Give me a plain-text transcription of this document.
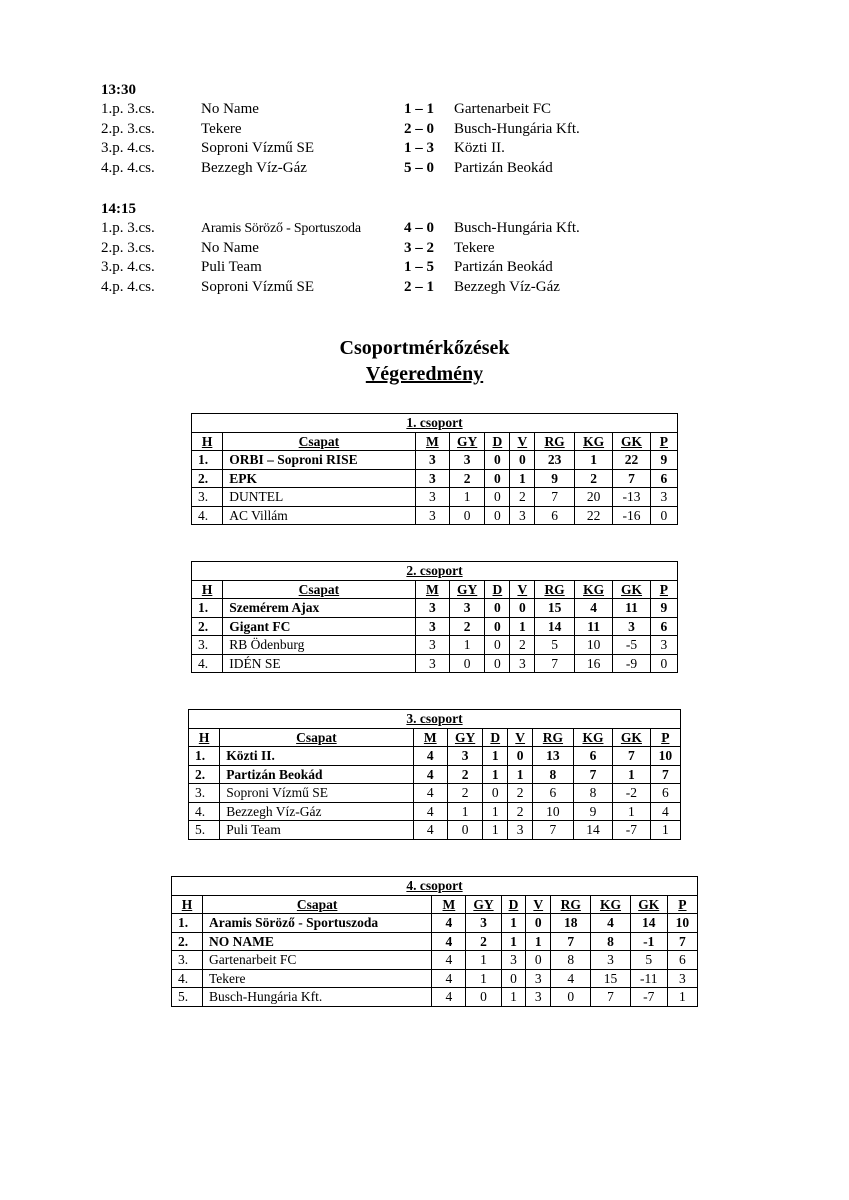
13:30
1.p. 3.cs.	No Name	1 – 1 Gartenarbeit FC
2.p. 3.cs.	Tekere	2 – 0 Busch-Hungária Kft.
3.p. 4.cs.	Soproni Vízmű SE	1 – 3 Közti II.
4.p. 4.cs.	Bezzegh Víz-Gáz	5 – 0 Partizán Beokád
14:15
1.p. 3.cs.	Aramis Söröző - Sportuszoda	4 – 0 Busch-Hungária Kft.
2.p. 3.cs.	No Name	3 – 2 Tekere
3.p. 4.cs.	Puli Team	1 – 5 Partizán Beokád
4.p. 4.cs.	Soproni Vízmű SE	2 – 1 Bezzegh Víz-Gáz
Csoportmérkőzések
Végeredmény
1. csoport									
H	Csapat	M	GY	D	V	RG	KG	GK	P
1.	ORBI – Soproni RISE	3	3	0	0	23	1	22	9
2.	EPK	3	2	0	1	9	2	7	6
3.	DUNTEL	3	1	0	2	7	20	-13	3
4.	AC Villám	3	0	0	3	6	22	-16	0
2. csoport									
H	Csapat	M	GY	D	V	RG	KG	GK	P
1.	Szemérem Ajax	3	3	0	0	15	4	11	9
2.	Gigant FC	3	2	0	1	14	11	3	6
3.	RB Ödenburg	3	1	0	2	5	10	-5	3
4.	IDÉN SE	3	0	0	3	7	16	-9	0
3. csoport									
H	Csapat	M	GY	D	V	RG	KG	GK	P
1.	Közti II.	4	3	1	0	13	6	7	10
2.	Partizán Beokád	4	2	1	1	8	7	1	7
3.	Soproni Vízmű SE	4	2	0	2	6	8	-2	6
4.	Bezzegh Víz-Gáz	4	1	1	2	10	9	1	4
5.	Puli Team	4	0	1	3	7	14	-7	1
4. csoport									
H	Csapat	M	GY	D	V	RG	KG	GK	P
1.	Aramis Söröző - Sportuszoda	4	3	1	0	18	4	14	10
2.	NO NAME	4	2	1	1	7	8	-1	7
3.	Gartenarbeit FC	4	1	3	0	8	3	5	6
4.	Tekere	4	1	0	3	4	15	-11	3
5.	Busch-Hungária Kft.	4	0	1	3	0	7	-7	1
